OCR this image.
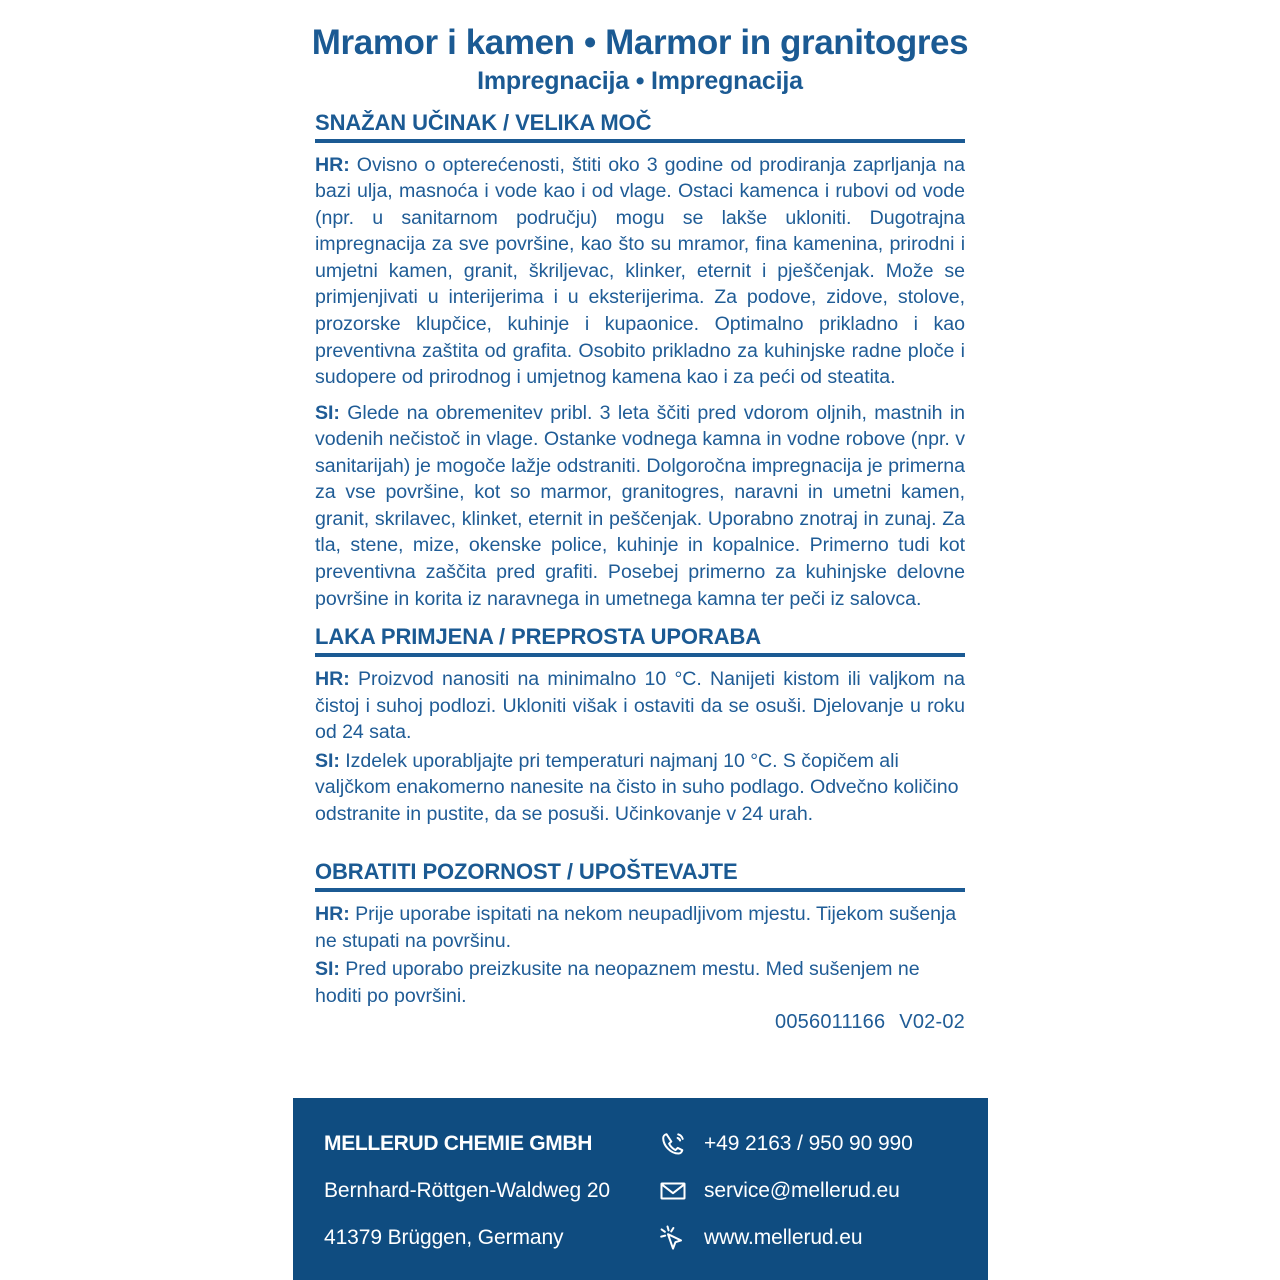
Mramor i kamen • Marmor in granitogres
Impregnacija • Impregnacija
SNAŽAN UČINAK / VELIKA MOČ

HR: Ovisno o opterećenosti, štiti oko 3 godine od prodiranja zaprljanja na bazi ulja, masnoća i vode kao i od vlage. Ostaci kamenca i rubovi od vode (npr. u sanitarnom području) mogu se lakše ukloniti. Dugotrajna impregnacija za sve površine, kao što su mramor, fina kamenina, prirodni i umjetni kamen, granit, škriljevac, klinker, eternit i pješčenjak. Može se primjenjivati u interijerima i u eksterijerima. Za podove, zidove, stolove, prozorske klupčice, kuhinje i kupaonice. Optimalno prikladno i kao preventivna zaštita od grafita. Osobito prikladno za kuhinjske radne ploče i sudopere od prirodnog i umjetnog kamena kao i za peći od steatita.

SI: Glede na obremenitev pribl. 3 leta ščiti pred vdorom oljnih, mastnih in vodenih nečistoč in vlage. Ostanke vodnega kamna in vodne robove (npr. v sanitarijah) je mogoče lažje odstraniti. Dolgoročna impregnacija je primerna za vse površine, kot so marmor, granitogres, naravni in umetni kamen, granit, skrilavec, klinket, eternit in peščenjak. Uporabno znotraj in zunaj. Za tla, stene, mize, okenske police, kuhinje in kopalnice. Primerno tudi kot preventivna zaščita pred grafiti. Posebej primerno za kuhinjske delovne površine in korita iz naravnega in umetnega kamna ter peči iz salovca.

LAKA PRIMJENA / PREPROSTA UPORABA

HR: Proizvod nanositi na minimalno 10 °C. Nanijeti kistom ili valjkom na čistoj i suhoj podlozi. Ukloniti višak i ostaviti da se osuši. Djelovanje u roku od 24 sata.

SI: Izdelek uporabljajte pri temperaturi najmanj 10 °C. S čopičem ali valjčkom enakomerno nanesite na čisto in suho podlago. Odvečno količino odstranite in pustite, da se posuši. Učinkovanje v 24 urah.

OBRATITI POZORNOST / UPOŠTEVAJTE

HR: Prije uporabe ispitati na nekom neupadljivom mjestu. Tijekom sušenja ne stupati na površinu.

SI: Pred uporabo preizkusite na neopaznem mestu. Med sušenjem ne hoditi po površini.

0056011166 V02-02

MELLERUD CHEMIE GMBH
Bernhard-Röttgen-Waldweg 20
41379 Brüggen, Germany
+49 2163 / 950 90 990
service@mellerud.eu
www.mellerud.eu
